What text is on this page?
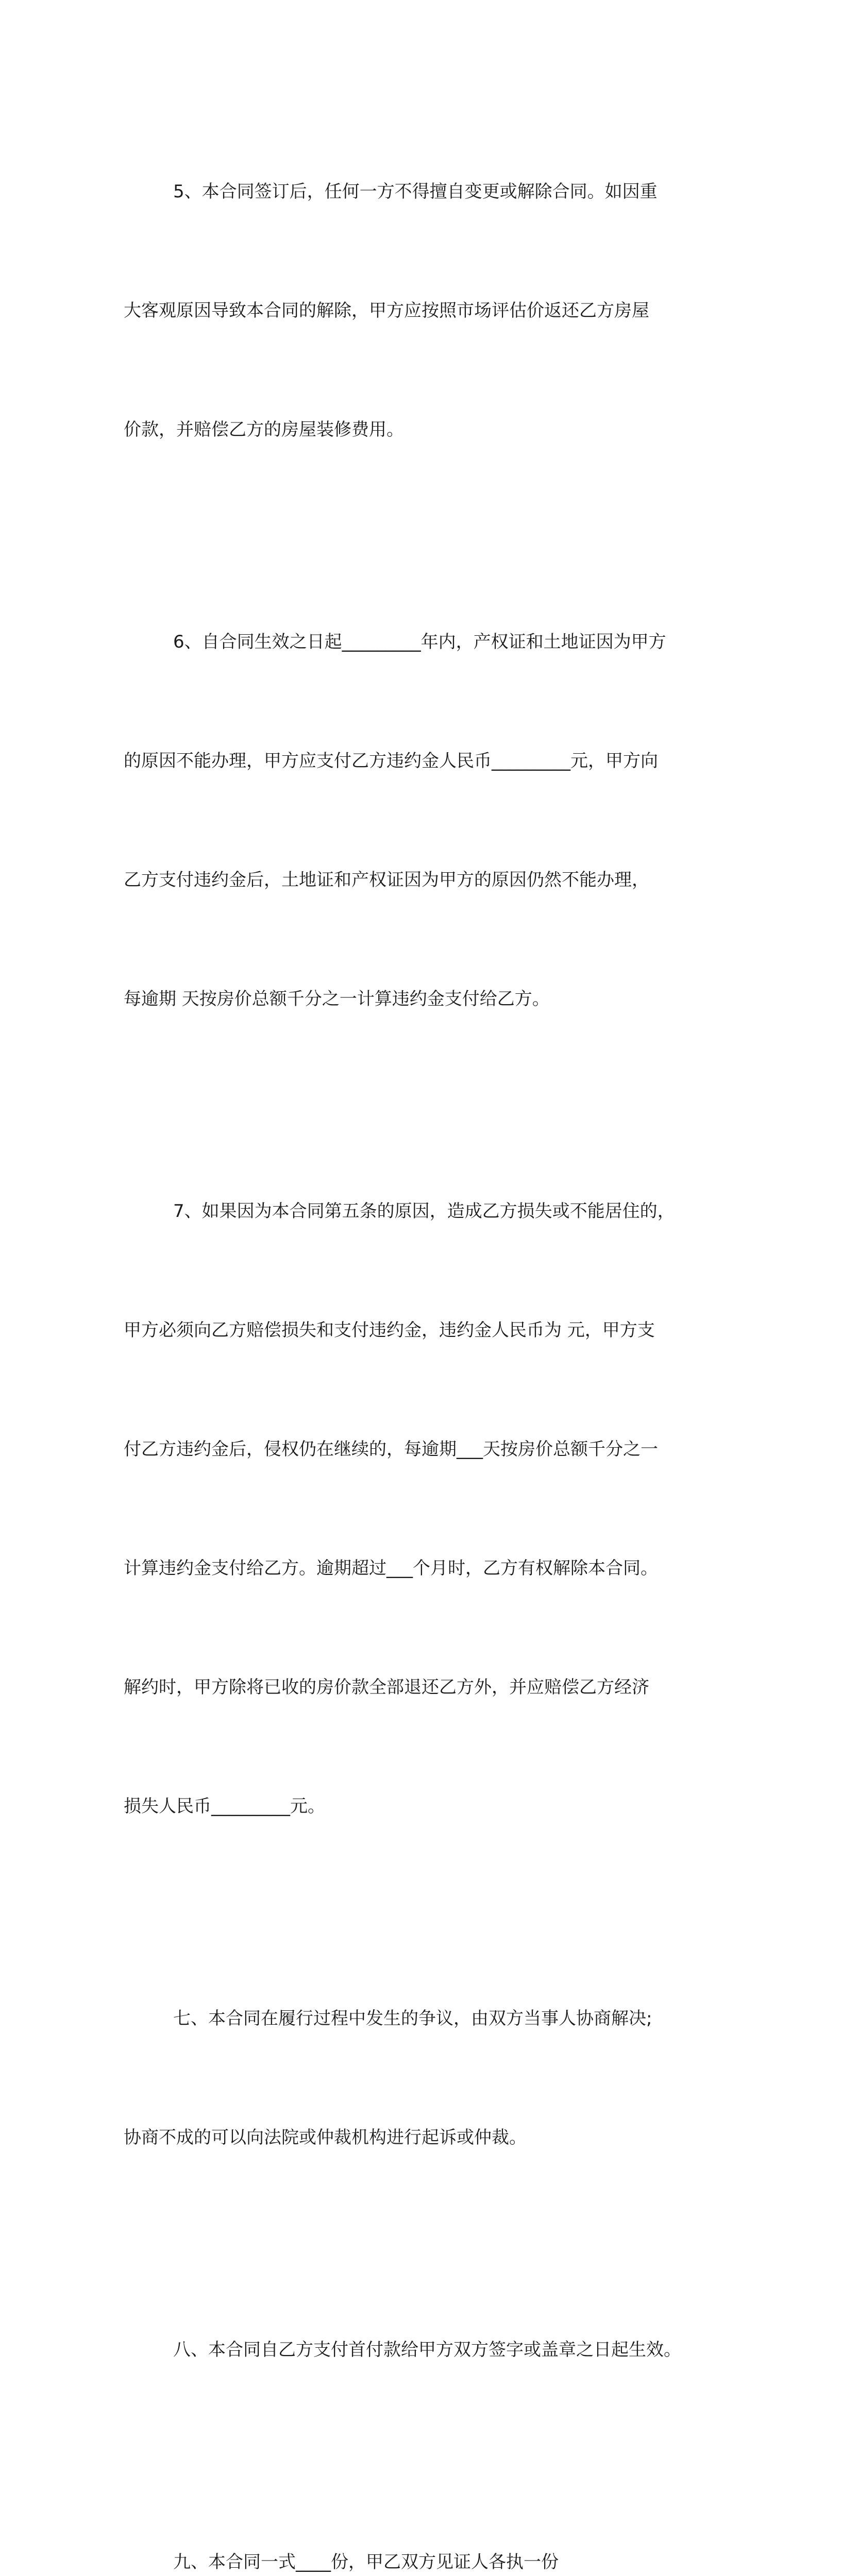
5、本合同签订后，任何一方不得擅自变更或解除合同。如因重

大客观原因导致本合同的解除，甲方应按照市场评估价返还乙方房屋

价款，并赔偿乙方的房屋装修费用。

6、自合同生效之日起_________年内，产权证和土地证因为甲方

的原因不能办理，甲方应支付乙方违约金人民币_________元，甲方向

乙方支付违约金后，土地证和产权证因为甲方的原因仍然不能办理，

每逾期 天按房价总额千分之一计算违约金支付给乙方。

7、如果因为本合同第五条的原因，造成乙方损失或不能居住的，

甲方必须向乙方赔偿损失和支付违约金，违约金人民币为 元，甲方支

付乙方违约金后，侵权仍在继续的，每逾期___天按房价总额千分之一

计算违约金支付给乙方。逾期超过___个月时，乙方有权解除本合同。

解约时，甲方除将已收的房价款全部退还乙方外，并应赔偿乙方经济

损失人民币_________元。

七、本合同在履行过程中发生的争议，由双方当事人协商解决;

协商不成的可以向法院或仲裁机构进行起诉或仲裁。

八、本合同自乙方支付首付款给甲方双方签字或盖章之日起生效。

九、本合同一式____份，甲乙双方见证人各执一份
